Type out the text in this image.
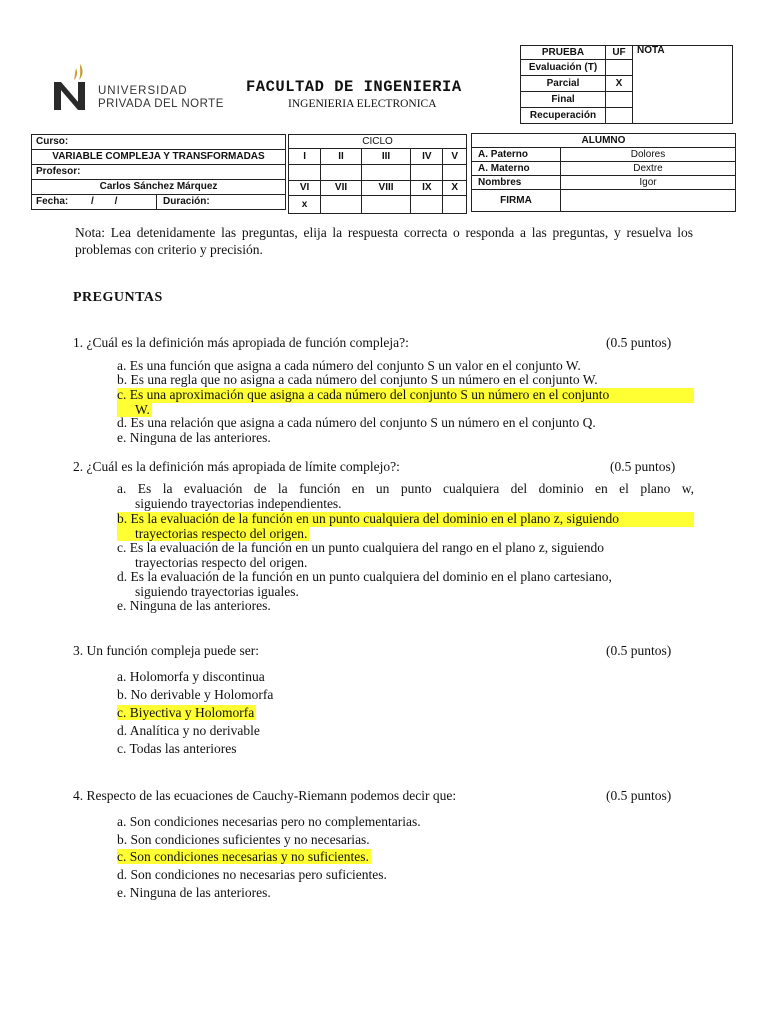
UNIVERSIDAD
PRIVADA DEL NORTE
FACULTAD DE INGENIERIA
INGENIERIA ELECTRONICA
PRUEBA	UF	NOTA
Evaluación (T)		
Parcial	X	
Final		
Recuperación		
Curso:
VARIABLE COMPLEJA Y TRANSFORMADAS
Profesor:
Carlos Sánchez Márquez
Fecha: / /	Duración:
CICLO				
I	II	III	IV	V

VI	VII	VIII	IX	X
x				
ALUMNO	
A. Paterno	Dolores
A. Materno	Dextre
Nombres	Igor
FIRMA	
Nota: Lea detenidamente las preguntas, elija la respuesta correcta o responda a las preguntas, y resuelva los problemas con criterio y precisión.
PREGUNTAS
1. ¿Cuál es la definición más apropiada de función compleja?:	(0.5 puntos)
a. Es una función que asigna a cada número del conjunto S un valor en el conjunto W.
b. Es una regla que no asigna a cada número del conjunto S un número en el conjunto W.
c. Es una aproximación que asigna a cada número del conjunto S un número en el conjunto
W.
d. Es una relación que asigna a cada número del conjunto S un número en el conjunto Q.
e. Ninguna de las anteriores.
2. ¿Cuál es la definición más apropiada de límite complejo?:	(0.5 puntos)
a. Es la evaluación de la función en un punto cualquiera del dominio en el plano w,
siguiendo trayectorias independientes.
b. Es la evaluación de la función en un punto cualquiera del dominio en el plano z, siguiendo
trayectorias respecto del origen.
c. Es la evaluación de la función en un punto cualquiera del rango en el plano z, siguiendo
trayectorias respecto del origen.
d. Es la evaluación de la función en un punto cualquiera del dominio en el plano cartesiano,
siguiendo trayectorias iguales.
e. Ninguna de las anteriores.
3. Un función compleja puede ser:	(0.5 puntos)
a. Holomorfa y discontinua
b. No derivable y Holomorfa
c. Biyectiva y Holomorfa
d. Analítica y no derivable
c. Todas las anteriores
4. Respecto de las ecuaciones de Cauchy-Riemann podemos decir que:	(0.5 puntos)
a. Son condiciones necesarias pero no complementarias.
b. Son condiciones suficientes y no necesarias.
c. Son condiciones necesarias y no suficientes.
d. Son condiciones no necesarias pero suficientes.
e. Ninguna de las anteriores.
